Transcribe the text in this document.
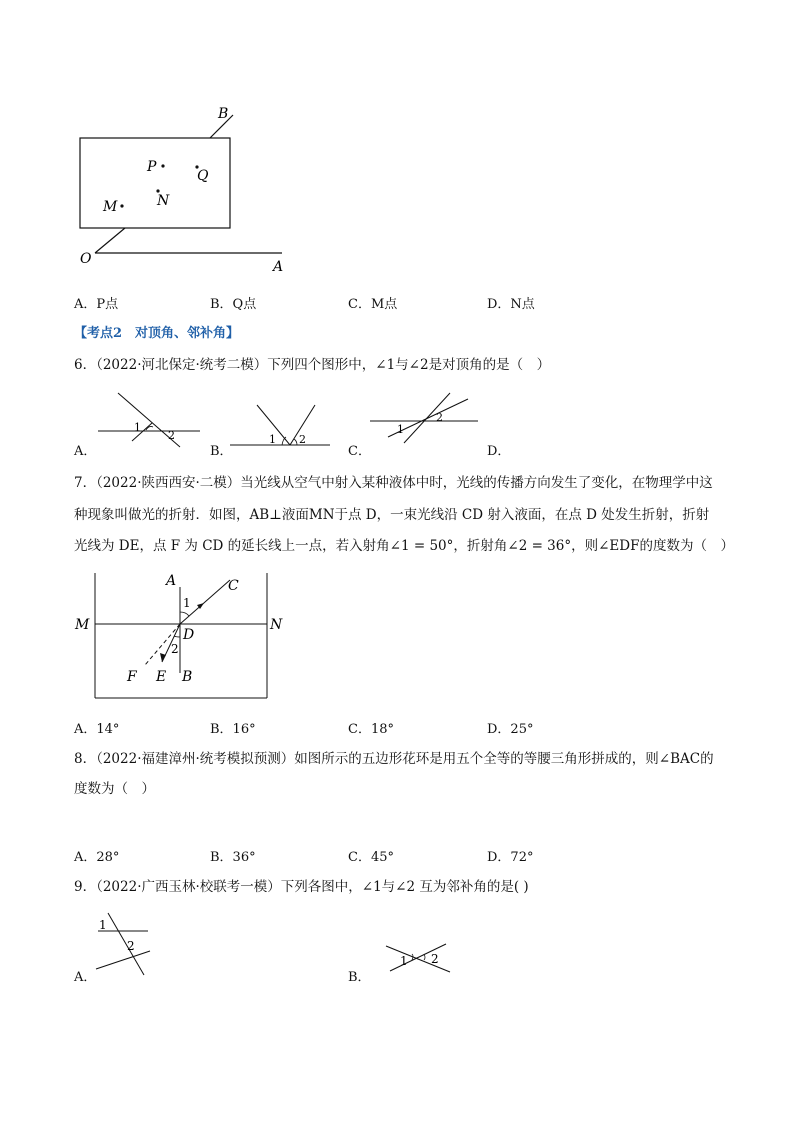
B
P
Q
M	N
O	A
A．P点	B．Q点	C．M点	D．N点
【考点2　对顶角、邻补角】
6．（2022·河北保定·统考二模）下列四个图形中，∠1与∠2是对顶角的是（　）
1
2	1 2
1
2
A．	B．	C．	D．
7．（2022·陕西西安·二模）当光线从空气中射入某种液体中时，光线的传播方向发生了变化，在物理学中这
种现象叫做光的折射．如图，AB⊥液面MN于点 D，一束光线沿 CD 射入液面，在点 D 处发生折射，折射
光线为 DE，点 F 为 CD 的延长线上一点，若入射角∠1 = 50°，折射角∠2 = 36°，则∠EDF的度数为（　）
A	C
M	N
D
F E B
1
2
A．14°	B．16°	C．18°	D．25°
8．（2022·福建漳州·统考模拟预测）如图所示的五边形花环是用五个全等的等腰三角形拼成的，则∠BAC的
度数为（　）
A．28°	B．36°	C．45°	D．72°
9．（2022·广西玉林·校联考一模）下列各图中，∠1与∠2 互为邻补角的是( )
1
2
A．
1 2
B．
